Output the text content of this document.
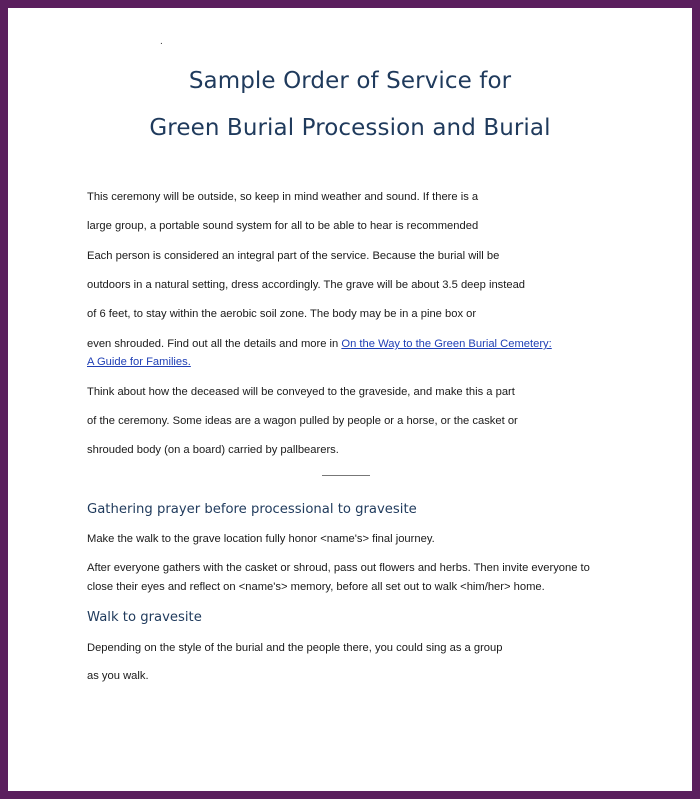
.
Sample Order of Service for
Green Burial Procession and Burial
This ceremony will be outside, so keep in mind weather and sound. If there is a
large group, a portable sound system for all to be able to hear is recommended
Each person is considered an integral part of the service. Because the burial will be
outdoors in a natural setting, dress accordingly. The grave will be about 3.5 deep instead
of 6 feet, to stay within the aerobic soil zone. The body may be in a pine box or
even shrouded. Find out all the details and more in On the Way to the Green Burial Cemetery:
A Guide for Families.
Think about how the deceased will be conveyed to the graveside, and make this a part
of the ceremony. Some ideas are a wagon pulled by people or a horse, or the casket or
shrouded body (on a board) carried by pallbearers.
Gathering prayer before processional to gravesite
Make the walk to the grave location fully honor <name's> final journey.
After everyone gathers with the casket or shroud, pass out flowers and herbs. Then invite everyone to
close their eyes and reflect on <name's> memory, before all set out to walk <him/her> home.
Walk to gravesite
Depending on the style of the burial and the people there, you could sing as a group
as you walk.
